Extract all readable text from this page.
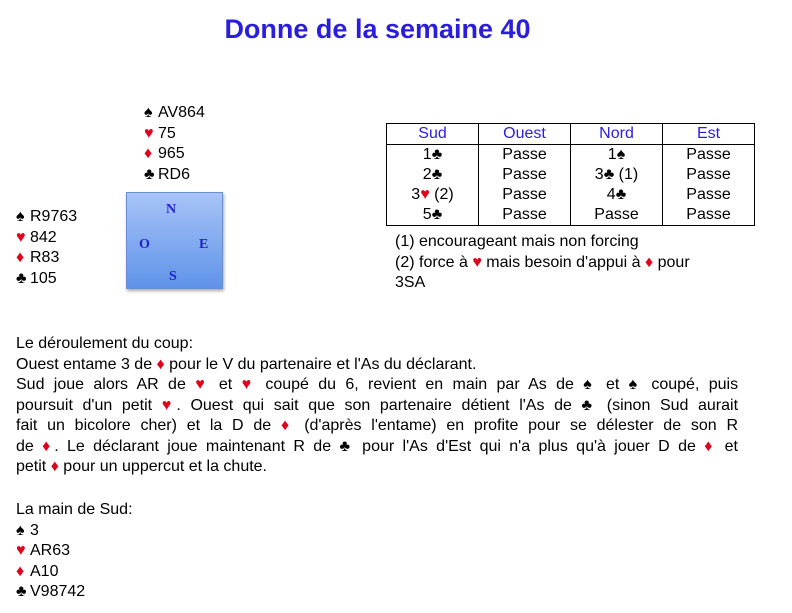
Donne de la semaine 40
♠ AV864
♥ 75
♦ 965
♣ RD6
♠ R9763
♥ 842
♦ R83
♣ 105
N
O	E
S
Sud	Ouest	Nord	Est
1♣	Passe	1♠	Passe
2♣	Passe	3♣ (1)	Passe
3♥ (2)	Passe	4♣	Passe
5♣	Passe	Passe	Passe
(1) encourageant mais non forcing
(2) force à ♥ mais besoin d'appui à ♦ pour
3SA
Le déroulement du coup:
Ouest entame 3 de ♦ pour le V du partenaire et l'As du déclarant.
Sud joue alors AR de ♥ et ♥ coupé du 6, revient en main par As de ♠ et ♠ coupé, puis
poursuit d'un petit ♥. Ouest qui sait que son partenaire détient l'As de ♣ (sinon Sud aurait
fait un bicolore cher) et la D de ♦ (d'après l'entame) en profite pour se délester de son R
de ♦. Le déclarant joue maintenant R de ♣ pour l'As d'Est qui n'a plus qu'à jouer D de ♦ et
petit ♦ pour un uppercut et la chute.
La main de Sud:
♠ 3
♥ AR63
♦ A10
♣ V98742
